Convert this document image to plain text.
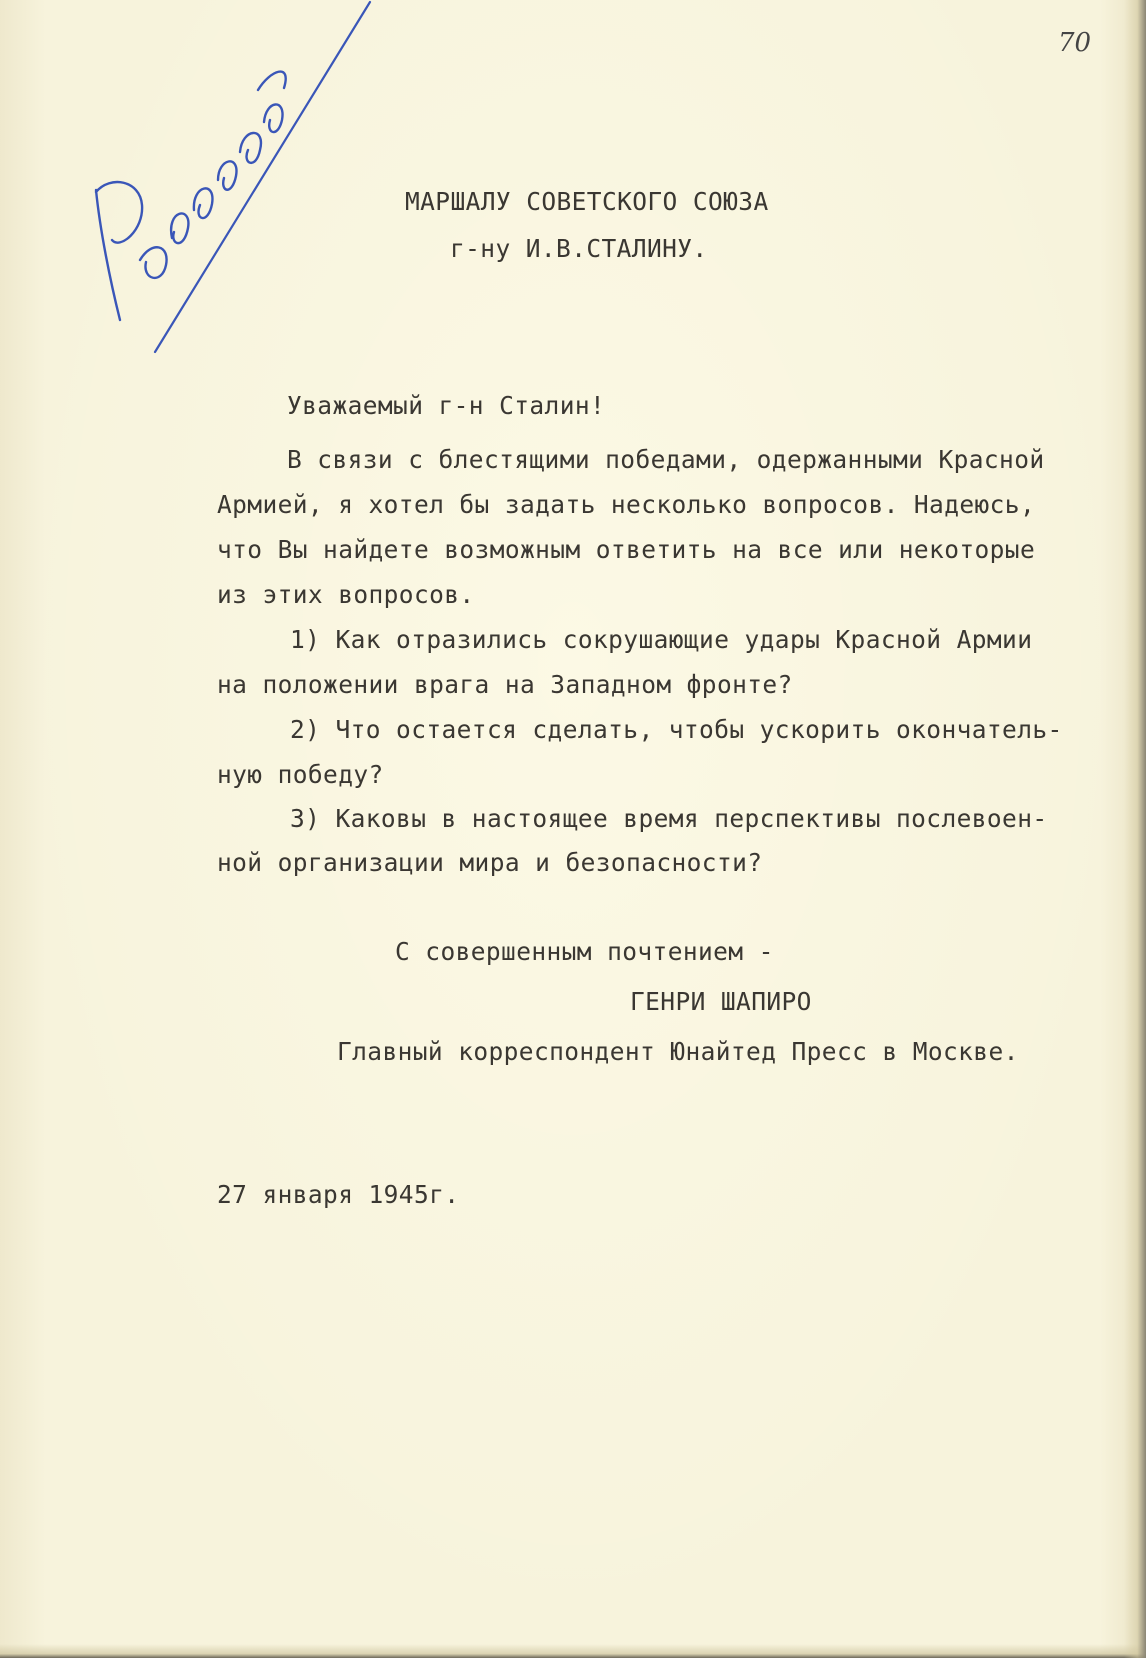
70
МАРШАЛУ СОВЕТСКОГО СОЮЗА
г-ну И.В.СТАЛИНУ.
Уважаемый г-н Сталин!
В связи с блестящими победами, одержанными Красной
Армией, я хотел бы задать несколько вопросов. Надеюсь,
что Вы найдете возможным ответить на все или некоторые
из этих вопросов.
1) Как отразились сокрушающие удары Красной Армии
на положении врага на Западном фронте?
2) Что остается сделать, чтобы ускорить окончатель-
ную победу?
3) Каковы в настоящее время перспективы послевоен-
ной организации мира и безопасности?
С совершенным почтением -
ГЕНРИ ШАПИРО
Главный корреспондент Юнайтед Пресс в Москве.
27 января 1945г.
